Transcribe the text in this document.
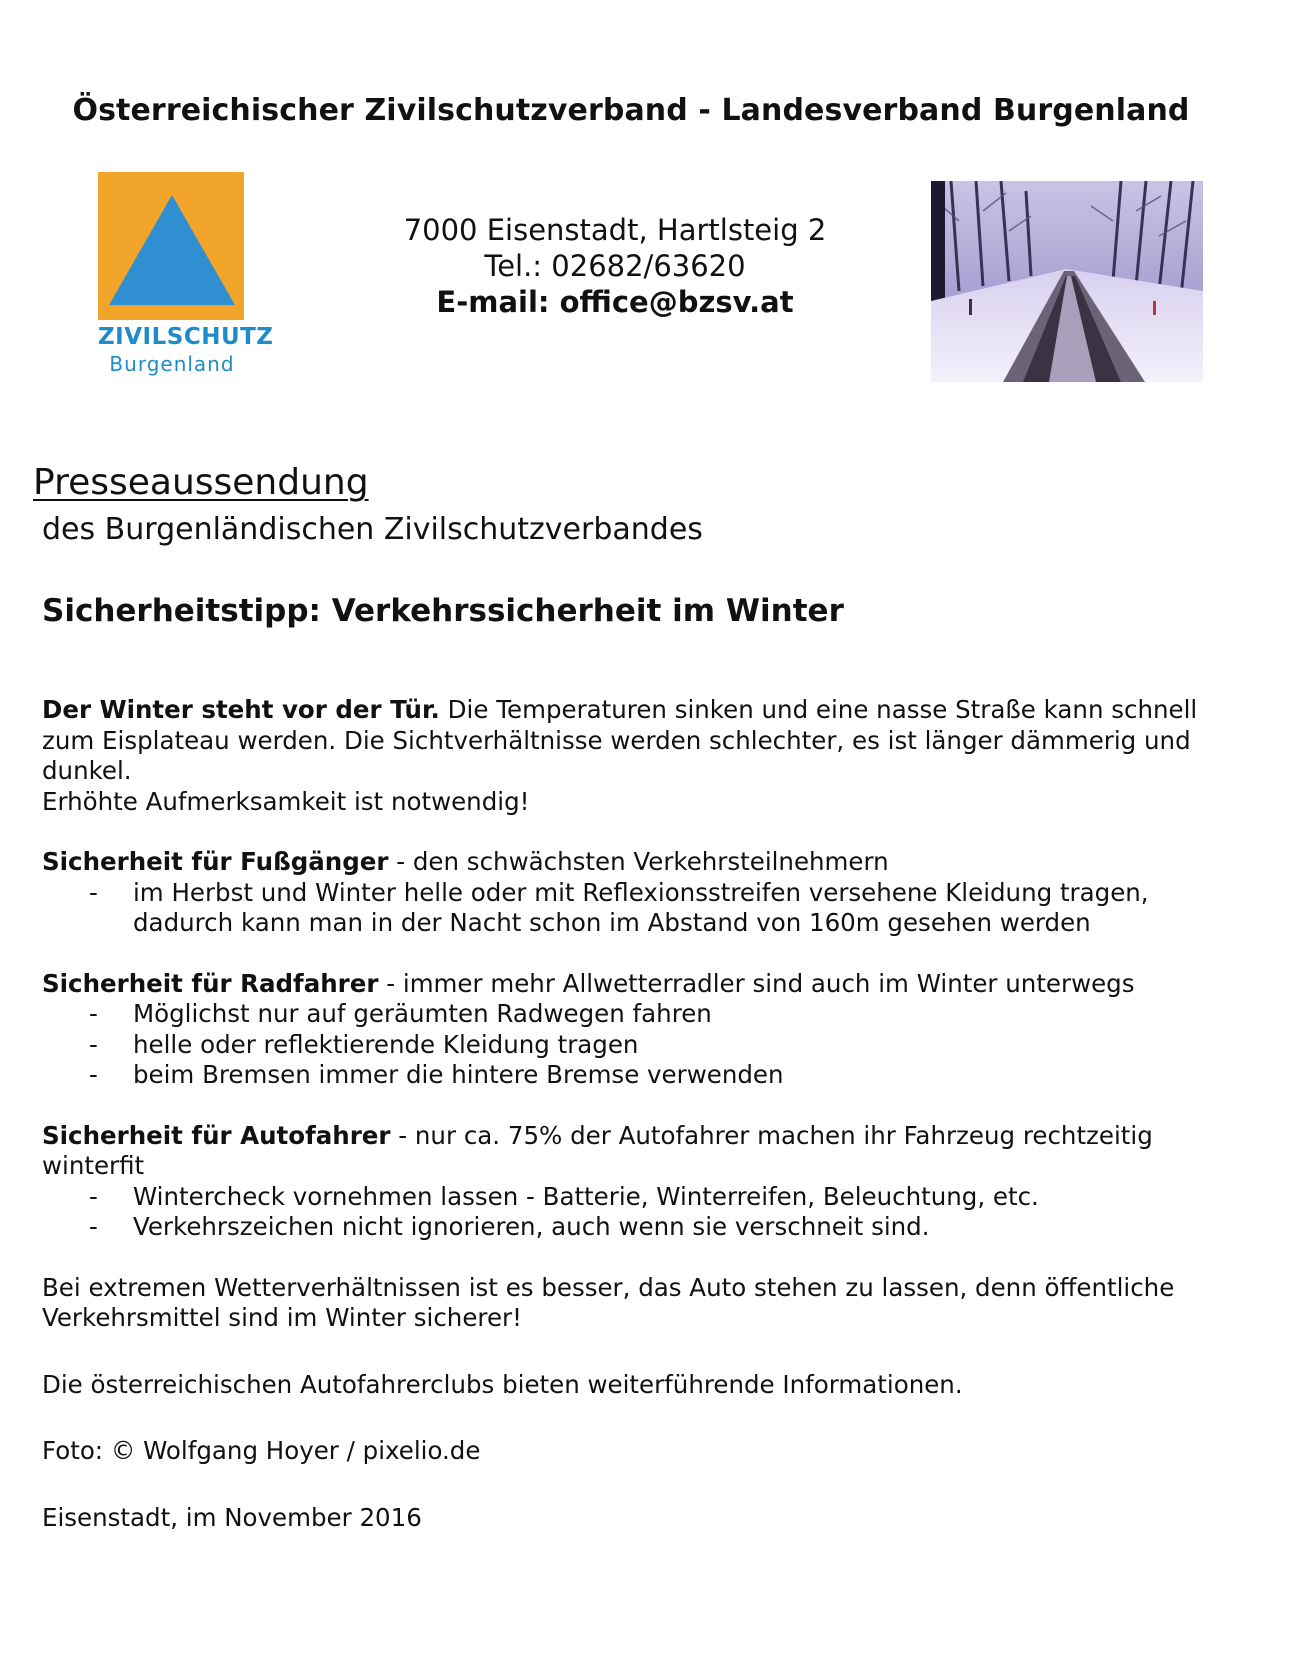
Österreichischer Zivilschutzverband - Landesverband Burgenland
ZIVILSCHUTZ
Burgenland
7000 Eisenstadt, Hartlsteig 2
Tel.: 02682/63620
E-mail: office@bzsv.at
Presseaussendung
des Burgenländischen Zivilschutzverbandes
Sicherheitstipp: Verkehrssicherheit im Winter

Der Winter steht vor der Tür. Die Temperaturen sinken und eine nasse Straße kann schnell zum Eisplateau werden. Die Sichtverhältnisse werden schlechter, es ist länger dämmerig und dunkel.

Erhöhte Aufmerksamkeit ist notwendig!

Sicherheit für Fußgänger - den schwächsten Verkehrsteilnehmern

- im Herbst und Winter helle oder mit Reflexionsstreifen versehene Kleidung tragen, dadurch kann man in der Nacht schon im Abstand von 160m gesehen werden

Sicherheit für Radfahrer - immer mehr Allwetterradler sind auch im Winter unterwegs

- Möglichst nur auf geräumten Radwegen fahren
- helle oder reflektierende Kleidung tragen
- beim Bremsen immer die hintere Bremse verwenden

Sicherheit für Autofahrer - nur ca. 75% der Autofahrer machen ihr Fahrzeug rechtzeitig winterfit

- Wintercheck vornehmen lassen - Batterie, Winterreifen, Beleuchtung, etc.
- Verkehrszeichen nicht ignorieren, auch wenn sie verschneit sind.

Bei extremen Wetterverhältnissen ist es besser, das Auto stehen zu lassen, denn öffentliche Verkehrsmittel sind im Winter sicherer!

Die österreichischen Autofahrerclubs bieten weiterführende Informationen.

Foto: © Wolfgang Hoyer / pixelio.de

Eisenstadt, im November 2016
